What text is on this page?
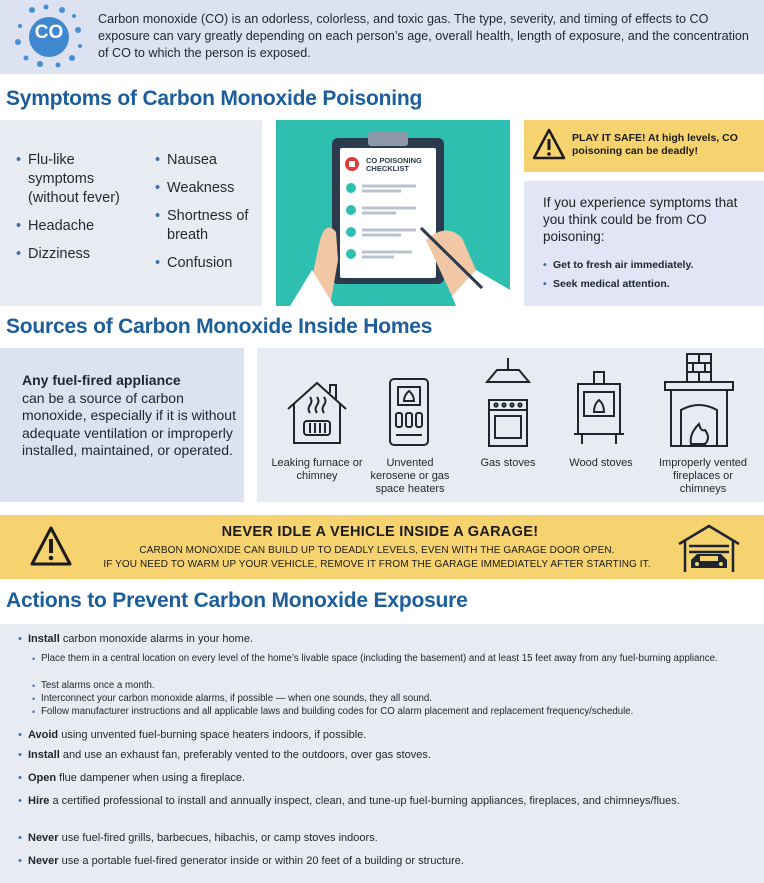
CO
Carbon monoxide (CO) is an odorless, colorless, and toxic gas. The type, severity, and timing of effects to CO exposure can vary greatly depending on each person’s age, overall health, length of exposure, and the concentration of CO to which the person is exposed.
Symptoms of Carbon Monoxide Poisoning
• Flu-like symptoms (without fever)
• Headache
• Dizziness
• Nausea
• Weakness
• Shortness of breath
• Confusion
CO POISONING
CHECKLIST
PLAY IT SAFE! At high levels, CO poisoning can be deadly!
If you experience symptoms that you think could be from CO poisoning:
• Get to fresh air immediately.
• Seek medical attention.
Sources of Carbon Monoxide Inside Homes
Any fuel-fired appliance
can be a source of carbon monoxide, especially if it is without adequate ventilation or improperly installed, maintained, or operated.
Leaking furnace or chimney
Unvented kerosene or gas space heaters
Gas stoves	Wood stoves	Improperly vented fireplaces or chimneys
NEVER IDLE A VEHICLE INSIDE A GARAGE!
CARBON MONOXIDE CAN BUILD UP TO DEADLY LEVELS, EVEN WITH THE GARAGE DOOR OPEN.
IF YOU NEED TO WARM UP YOUR VEHICLE, REMOVE IT FROM THE GARAGE IMMEDIATELY AFTER STARTING IT.
Actions to Prevent Carbon Monoxide Exposure
• Install carbon monoxide alarms in your home.
• Place them in a central location on every level of the home’s livable space (including the basement) and at least 15 feet away from any fuel-burning appliance.
• Test alarms once a month.
• Interconnect your carbon monoxide alarms, if possible — when one sounds, they all sound.
• Follow manufacturer instructions and all applicable laws and building codes for CO alarm placement and replacement frequency/schedule.
• Avoid using unvented fuel-burning space heaters indoors, if possible.
• Install and use an exhaust fan, preferably vented to the outdoors, over gas stoves.
• Open flue dampener when using a fireplace.
• Hire a certified professional to install and annually inspect, clean, and tune-up fuel-burning appliances, fireplaces, and chimneys/flues.
• Never use fuel-fired grills, barbecues, hibachis, or camp stoves indoors.
• Never use a portable fuel-fired generator inside or within 20 feet of a building or structure.
